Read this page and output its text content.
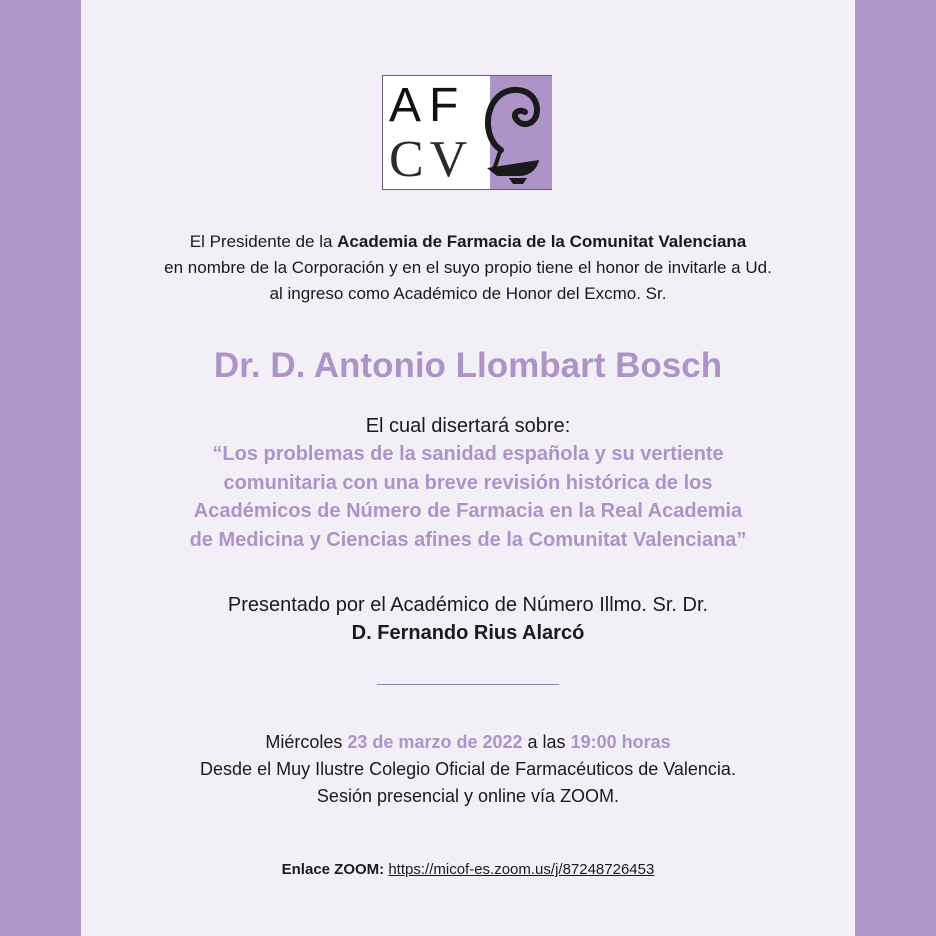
AF
CV
El Presidente de la Academia de Farmacia de la Comunitat Valenciana
en nombre de la Corporación y en el suyo propio tiene el honor de invitarle a Ud.
al ingreso como Académico de Honor del Excmo. Sr.
Dr. D. Antonio Llombart Bosch
El cual disertará sobre:
“Los problemas de la sanidad española y su vertiente
comunitaria con una breve revisión histórica de los
Académicos de Número de Farmacia en la Real Academia
de Medicina y Ciencias afines de la Comunitat Valenciana”
Presentado por el Académico de Número Illmo. Sr. Dr.
D. Fernando Rius Alarcó
Miércoles 23 de marzo de 2022 a las 19:00 horas
Desde el Muy Ilustre Colegio Oficial de Farmacéuticos de Valencia.
Sesión presencial y online vía ZOOM.
Enlace ZOOM: https://micof-es.zoom.us/j/87248726453
